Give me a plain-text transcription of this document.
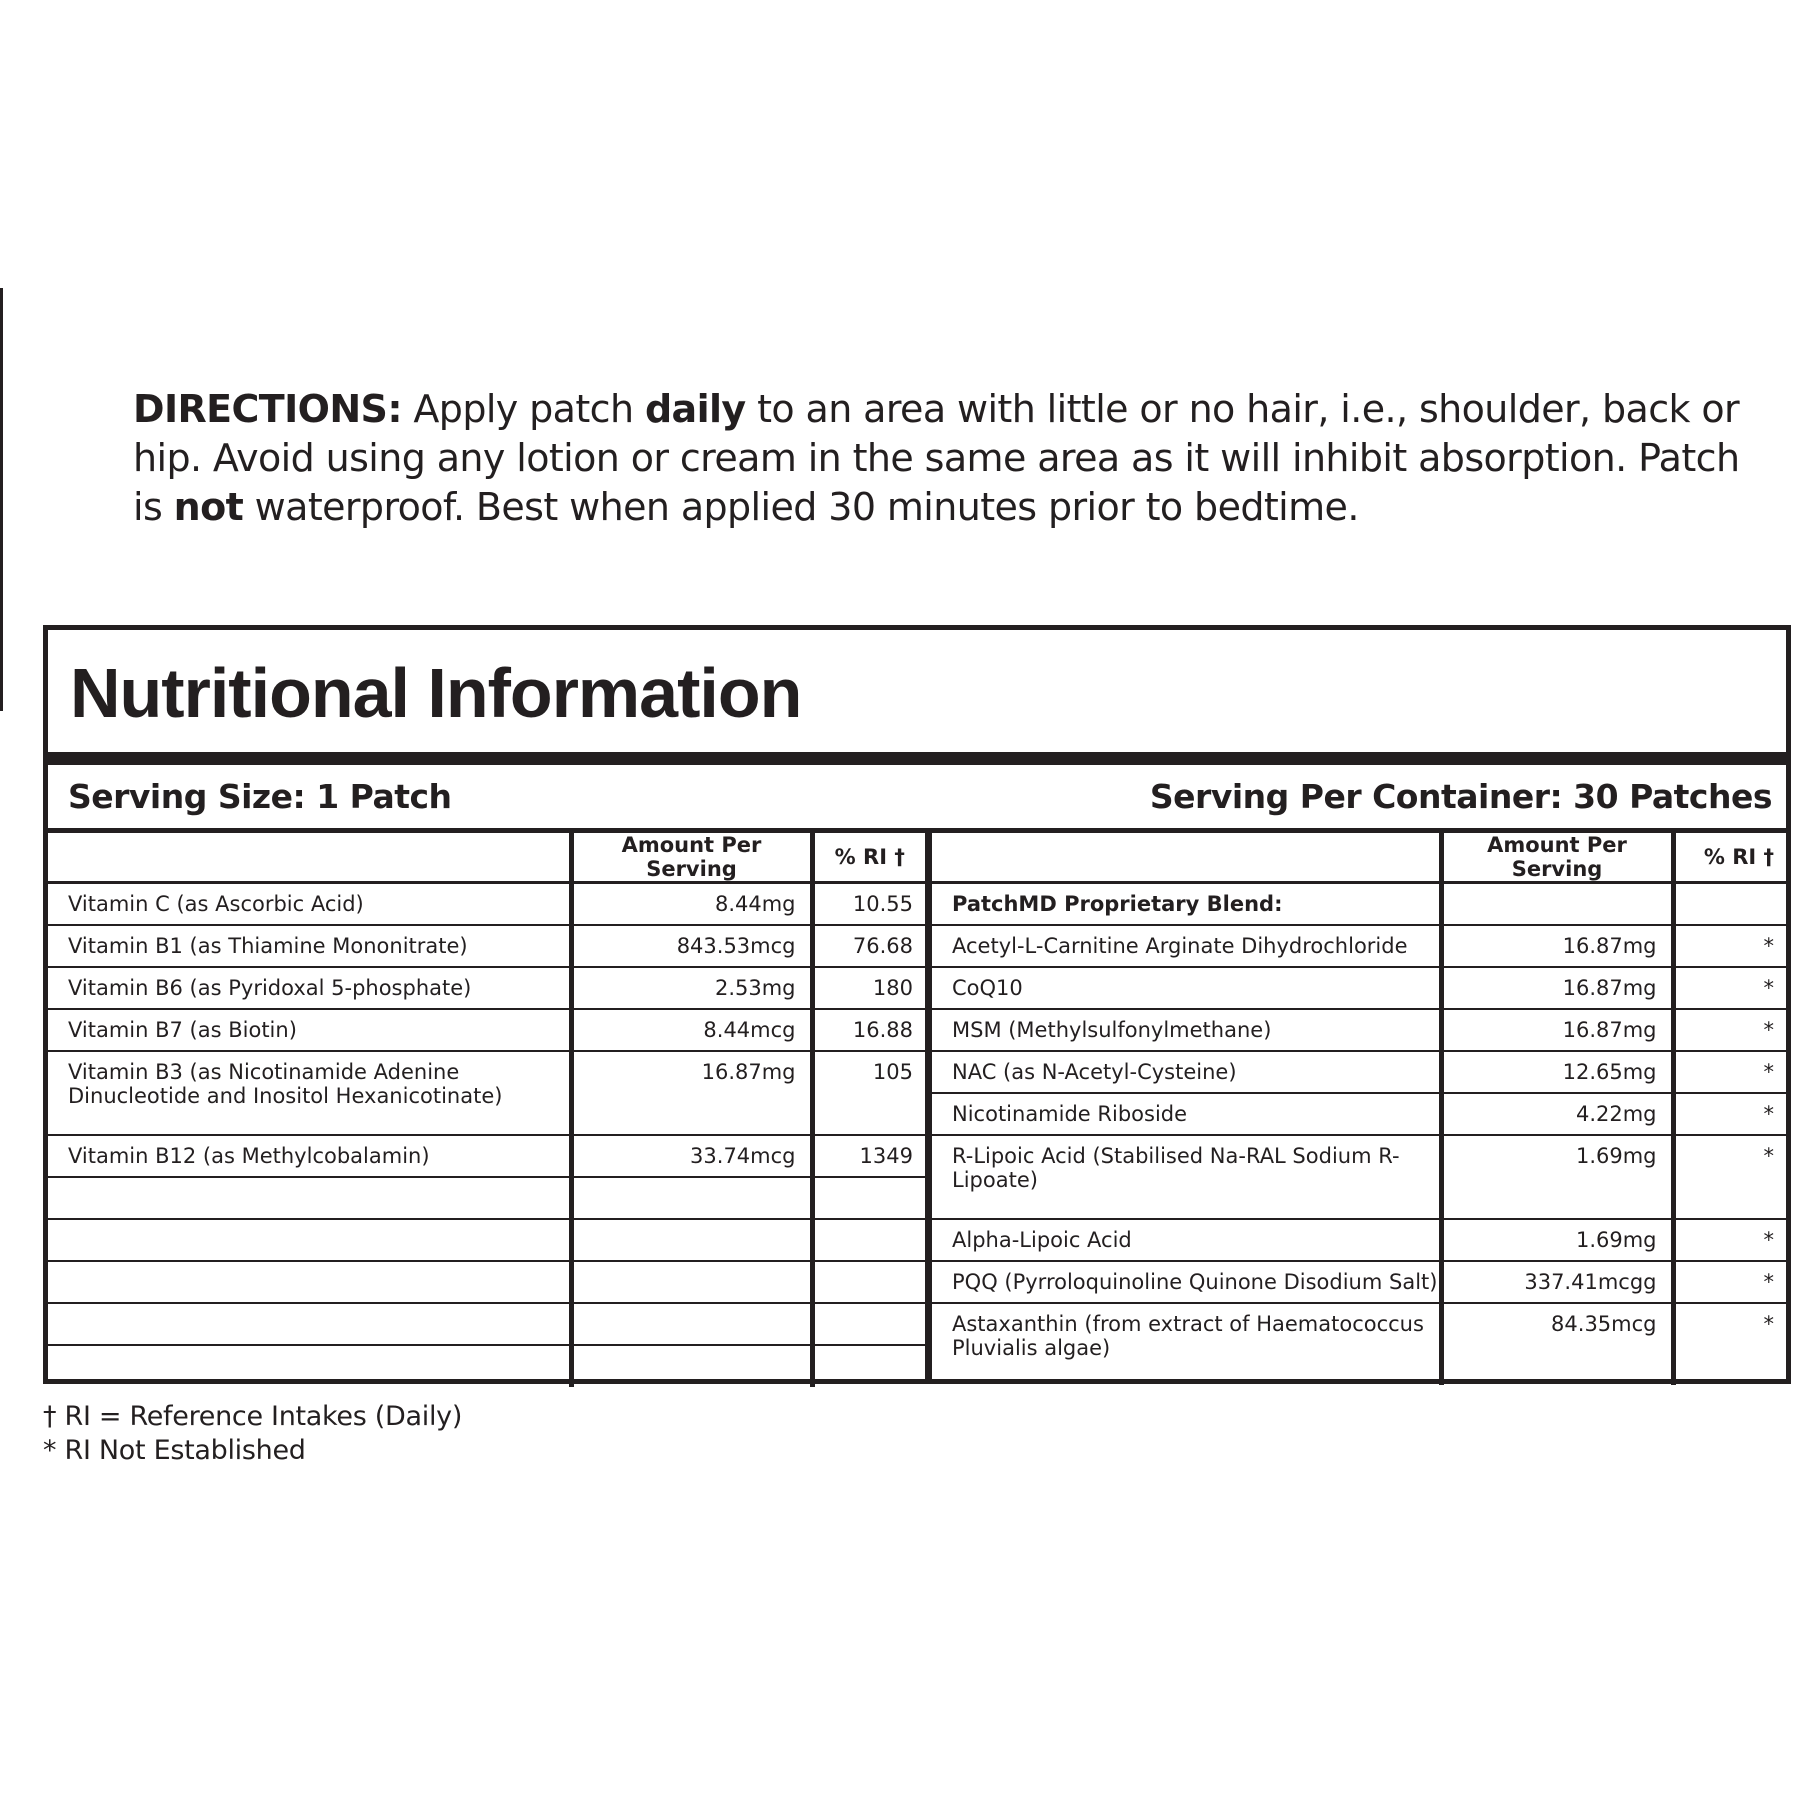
DIRECTIONS: Apply patch daily to an area with little or no hair, i.e., shoulder, back or hip. Avoid using any lotion or cream in the same area as it will inhibit absorption. Patch is not waterproof. Best when applied 30 minutes prior to bedtime.
Nutritional Information
Serving Size: 1 Patch	Serving Per Container: 30 Patches
	Amount Per Serving	% RI †
Vitamin C (as Ascorbic Acid)	8.44mg	10.55
Vitamin B1 (as Thiamine Mononitrate)	843.53mcg	76.68
Vitamin B6 (as Pyridoxal 5-phosphate)	2.53mg	180
Vitamin B7 (as Biotin)	8.44mcg	16.88
Vitamin B3 (as Nicotinamide Adenine Dinucleotide and Inositol Hexanicotinate)	16.87mg	105
Vitamin B12 (as Methylcobalamin)	33.74mcg	1349

	Amount Per Serving	% RI †
PatchMD Proprietary Blend:		
Acetyl-L-Carnitine Arginate Dihydrochloride	16.87mg	*
CoQ10	16.87mg	*
MSM (Methylsulfonylmethane)	16.87mg	*
NAC (as N-Acetyl-Cysteine)	12.65mg	*
Nicotinamide Riboside	4.22mg	*
R-Lipoic Acid (Stabilised Na-RAL Sodium R-Lipoate)	1.69mg	*
Alpha-Lipoic Acid	1.69mg	*
PQQ (Pyrroloquinoline Quinone Disodium Salt)	337.41mcgg	*
Astaxanthin (from extract of Haematococcus Pluvialis algae)	84.35mcg	*
† RI = Reference Intakes (Daily)
* RI Not Established
